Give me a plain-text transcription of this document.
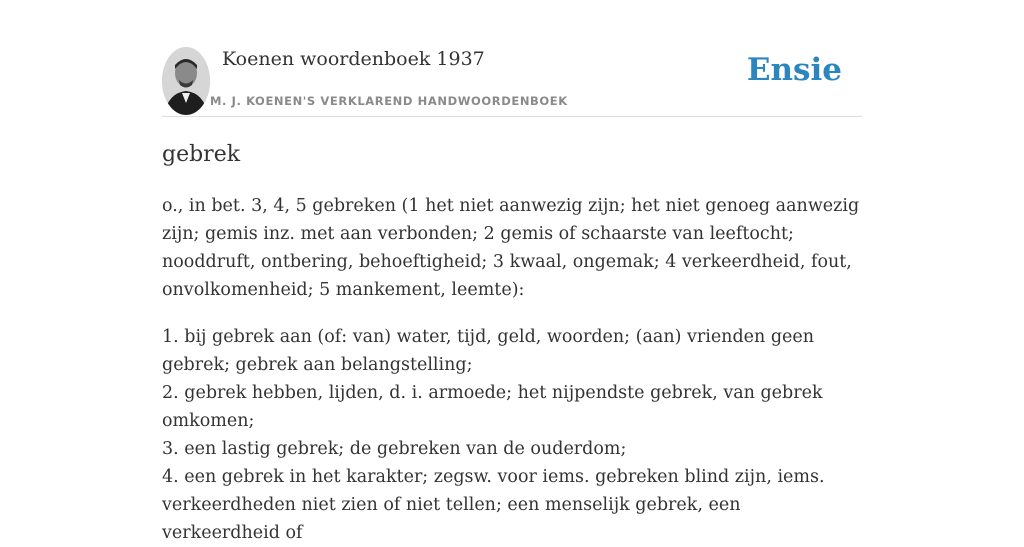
Koenen woordenboek 1937
M. J. KOENEN'S VERKLAREND HANDWOORDENBOEK
Ensie
gebrek

o., in bet. 3, 4, 5 gebreken (1 het niet aanwezig zijn; het niet genoeg aanwezig zijn; gemis inz. met aan verbonden; 2 gemis of schaarste van leeftocht; nooddruft, ontbering, behoeftigheid; 3 kwaal, ongemak; 4 verkeerdheid, fout, onvolkomenheid; 5 mankement, leemte):

1. bij gebrek aan (of: van) water, tijd, geld, woorden; (aan) vrienden geen gebrek; gebrek aan belangstelling;
2. gebrek hebben, lijden, d. i. armoede; het nijpendste gebrek, van gebrek omkomen;
3. een lastig gebrek; de gebreken van de ouderdom;
4. een gebrek in het karakter; zegsw. voor iems. gebreken blind zijn, iems. verkeerdheden niet zien of niet tellen; een menselijk gebrek, een verkeerdheid of
